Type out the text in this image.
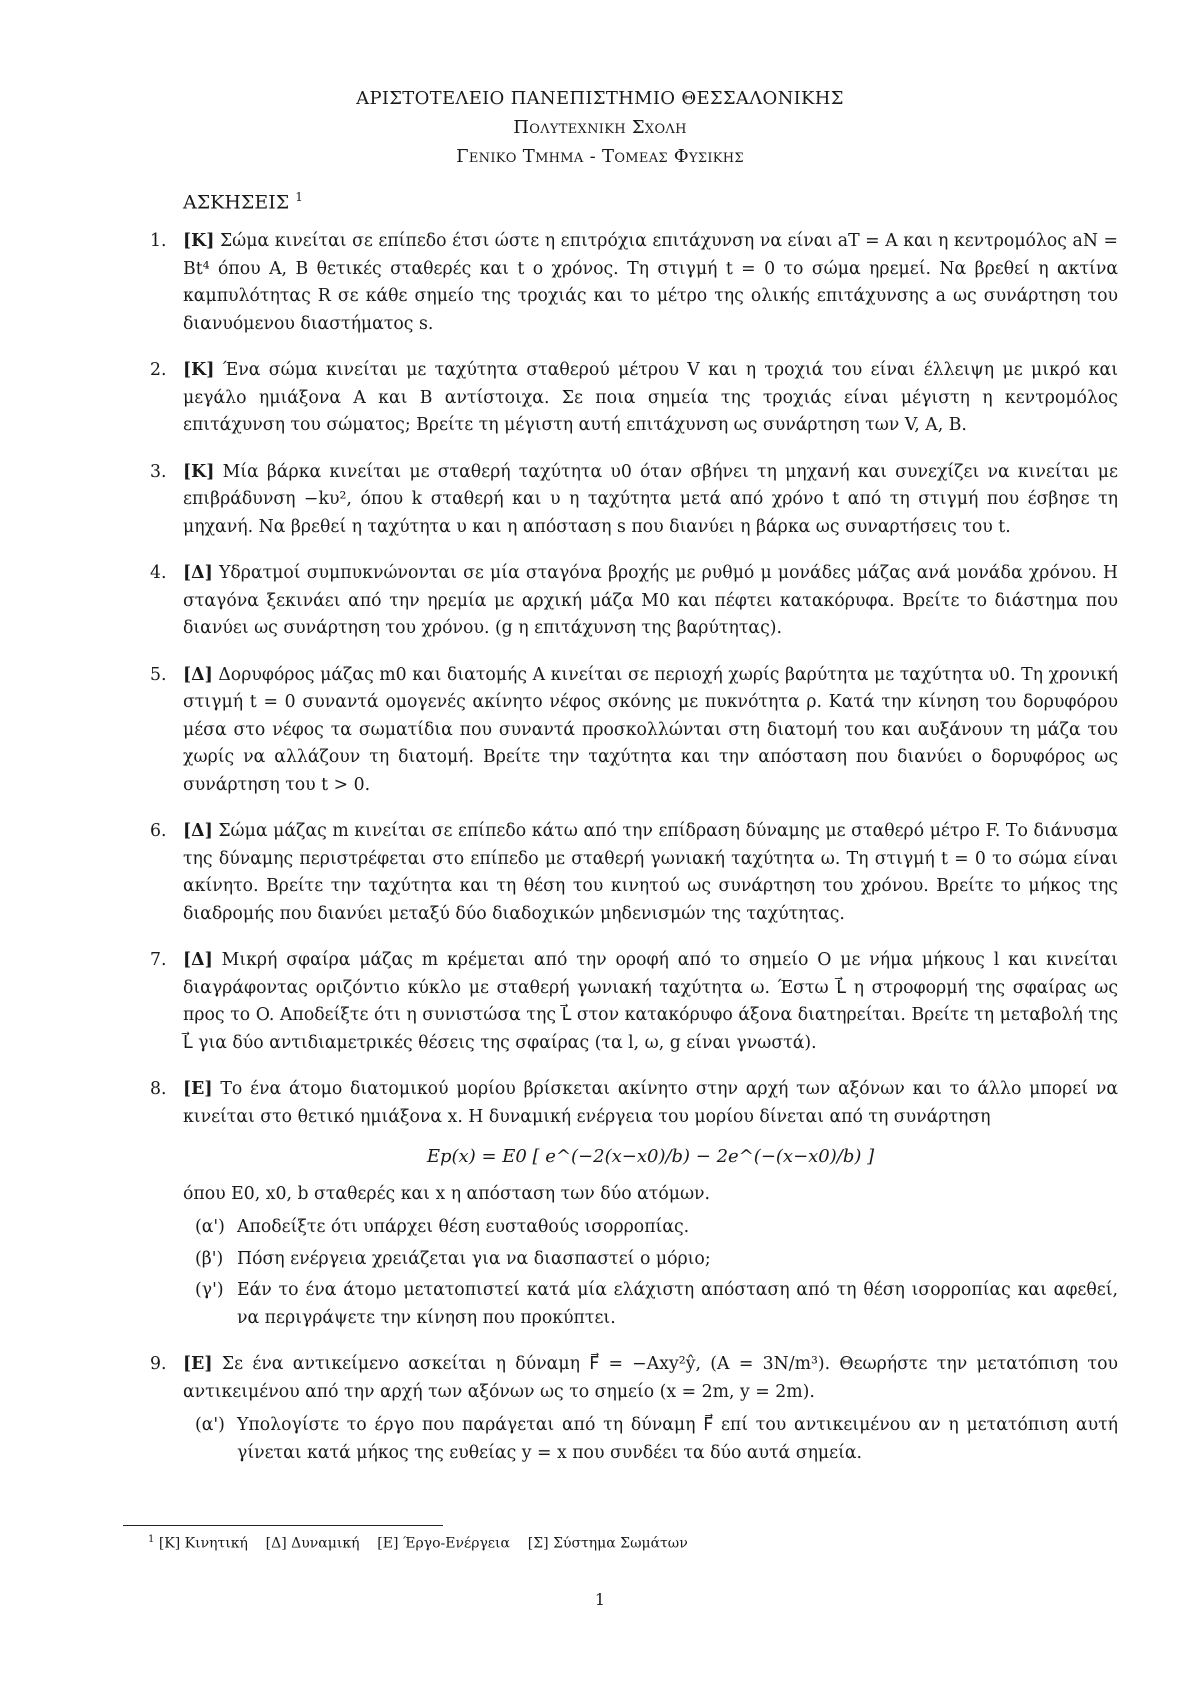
ΑΡΙΣΤΟΤΕΛΕΙΟ ΠΑΝΕΠΙΣΤΗΜΙΟ ΘΕΣΣΑΛΟΝΙΚΗΣ
Πολυτεχνικη Σχολη
Γενικο Τμημα - Τομεας Φυσικης
ΑΣΚΗΣΕΙΣ $^1$
1. [K] Σώμα κινείται σε επίπεδο έτσι ώστε η επιτρόχια επιτάχυνση να είναι aT = A και η κεντρομόλος aN = Bt⁴ όπου A, B θετικές σταθερές και t ο χρόνος. Τη στιγμή t = 0 το σώμα ηρεμεί. Να βρεθεί η ακτίνα καμπυλότητας R σε κάθε σημείο της τροχιάς και το μέτρο της ολικής επιτάχυνσης a ως συνάρτηση του διανυόμενου διαστήματος s.
2. [K] Ένα σώμα κινείται με ταχύτητα σταθερού μέτρου V και η τροχιά του είναι έλλειψη με μικρό και μεγάλο ημιάξονα A και B αντίστοιχα. Σε ποια σημεία της τροχιάς είναι μέγιστη η κεντρομόλος επιτάχυνση του σώματος; Βρείτε τη μέγιστη αυτή επιτάχυνση ως συνάρτηση των V, A, B.
3. [K] Μία βάρκα κινείται με σταθερή ταχύτητα υ0 όταν σβήνει τη μηχανή και συνεχίζει να κινείται με επιβράδυνση −kυ², όπου k σταθερή και υ η ταχύτητα μετά από χρόνο t από τη στιγμή που έσβησε τη μηχανή. Να βρεθεί η ταχύτητα υ και η απόσταση s που διανύει η βάρκα ως συναρτήσεις του t.
4. [Δ] Υδρατμοί συμπυκνώνονται σε μία σταγόνα βροχής με ρυθμό μ μονάδες μάζας ανά μονάδα χρόνου. Η σταγόνα ξεκινάει από την ηρεμία με αρχική μάζα M0 και πέφτει κατακόρυφα. Βρείτε το διάστημα που διανύει ως συνάρτηση του χρόνου. (g η επιτάχυνση της βαρύτητας).
5. [Δ] Δορυφόρος μάζας m0 και διατομής A κινείται σε περιοχή χωρίς βαρύτητα με ταχύτητα υ0. Τη χρονική στιγμή t = 0 συναντά ομογενές ακίνητο νέφος σκόνης με πυκνότητα ρ. Κατά την κίνηση του δορυφόρου μέσα στο νέφος τα σωματίδια που συναντά προσκολλώνται στη διατομή του και αυξάνουν τη μάζα του χωρίς να αλλάζουν τη διατομή. Βρείτε την ταχύτητα και την απόσταση που διανύει ο δορυφόρος ως συνάρτηση του t > 0.
6. [Δ] Σώμα μάζας m κινείται σε επίπεδο κάτω από την επίδραση δύναμης με σταθερό μέτρο F. Το διάνυσμα της δύναμης περιστρέφεται στο επίπεδο με σταθερή γωνιακή ταχύτητα ω. Τη στιγμή t = 0 το σώμα είναι ακίνητο. Βρείτε την ταχύτητα και τη θέση του κινητού ως συνάρτηση του χρόνου. Βρείτε το μήκος της διαδρομής που διανύει μεταξύ δύο διαδοχικών μηδενισμών της ταχύτητας.
7. [Δ] Μικρή σφαίρα μάζας m κρέμεται από την οροφή από το σημείο O με νήμα μήκους l και κινείται διαγράφοντας οριζόντιο κύκλο με σταθερή γωνιακή ταχύτητα ω. Έστω L⃗ η στροφορμή της σφαίρας ως προς το O. Αποδείξτε ότι η συνιστώσα της L⃗ στον κατακόρυφο άξονα διατηρείται. Βρείτε τη μεταβολή της L⃗ για δύο αντιδιαμετρικές θέσεις της σφαίρας (τα l, ω, g είναι γνωστά).
8. [E] Το ένα άτομο διατομικού μορίου βρίσκεται ακίνητο στην αρχή των αξόνων και το άλλο μπορεί να κινείται στο θετικό ημιάξονα x. Η δυναμική ενέργεια του μορίου δίνεται από τη συνάρτηση
Ep(x) = E0 [ e^(−2(x−x0)/b) − 2e^(−(x−x0)/b) ]
όπου E0, x0, b σταθερές και x η απόσταση των δύο ατόμων.
(α') Αποδείξτε ότι υπάρχει θέση ευσταθούς ισορροπίας.
(β') Πόση ενέργεια χρειάζεται για να διασπαστεί ο μόριο;
(γ') Εάν το ένα άτομο μετατοπιστεί κατά μία ελάχιστη απόσταση από τη θέση ισορροπίας και αφεθεί, να περιγράψετε την κίνηση που προκύπτει.
9. [E] Σε ένα αντικείμενο ασκείται η δύναμη F⃗ = −Axy²ŷ, (A = 3N/m³). Θεωρήστε την μετατόπιση του αντικειμένου από την αρχή των αξόνων ως το σημείο (x = 2m, y = 2m).
(α') Υπολογίστε το έργο που παράγεται από τη δύναμη F⃗ επί του αντικειμένου αν η μετατόπιση αυτή γίνεται κατά μήκος της ευθείας y = x που συνδέει τα δύο αυτά σημεία.
$^1$ [K] Κινητική    [Δ] Δυναμική    [E] Έργο-Ενέργεια    [Σ] Σύστημα Σωμάτων
1
